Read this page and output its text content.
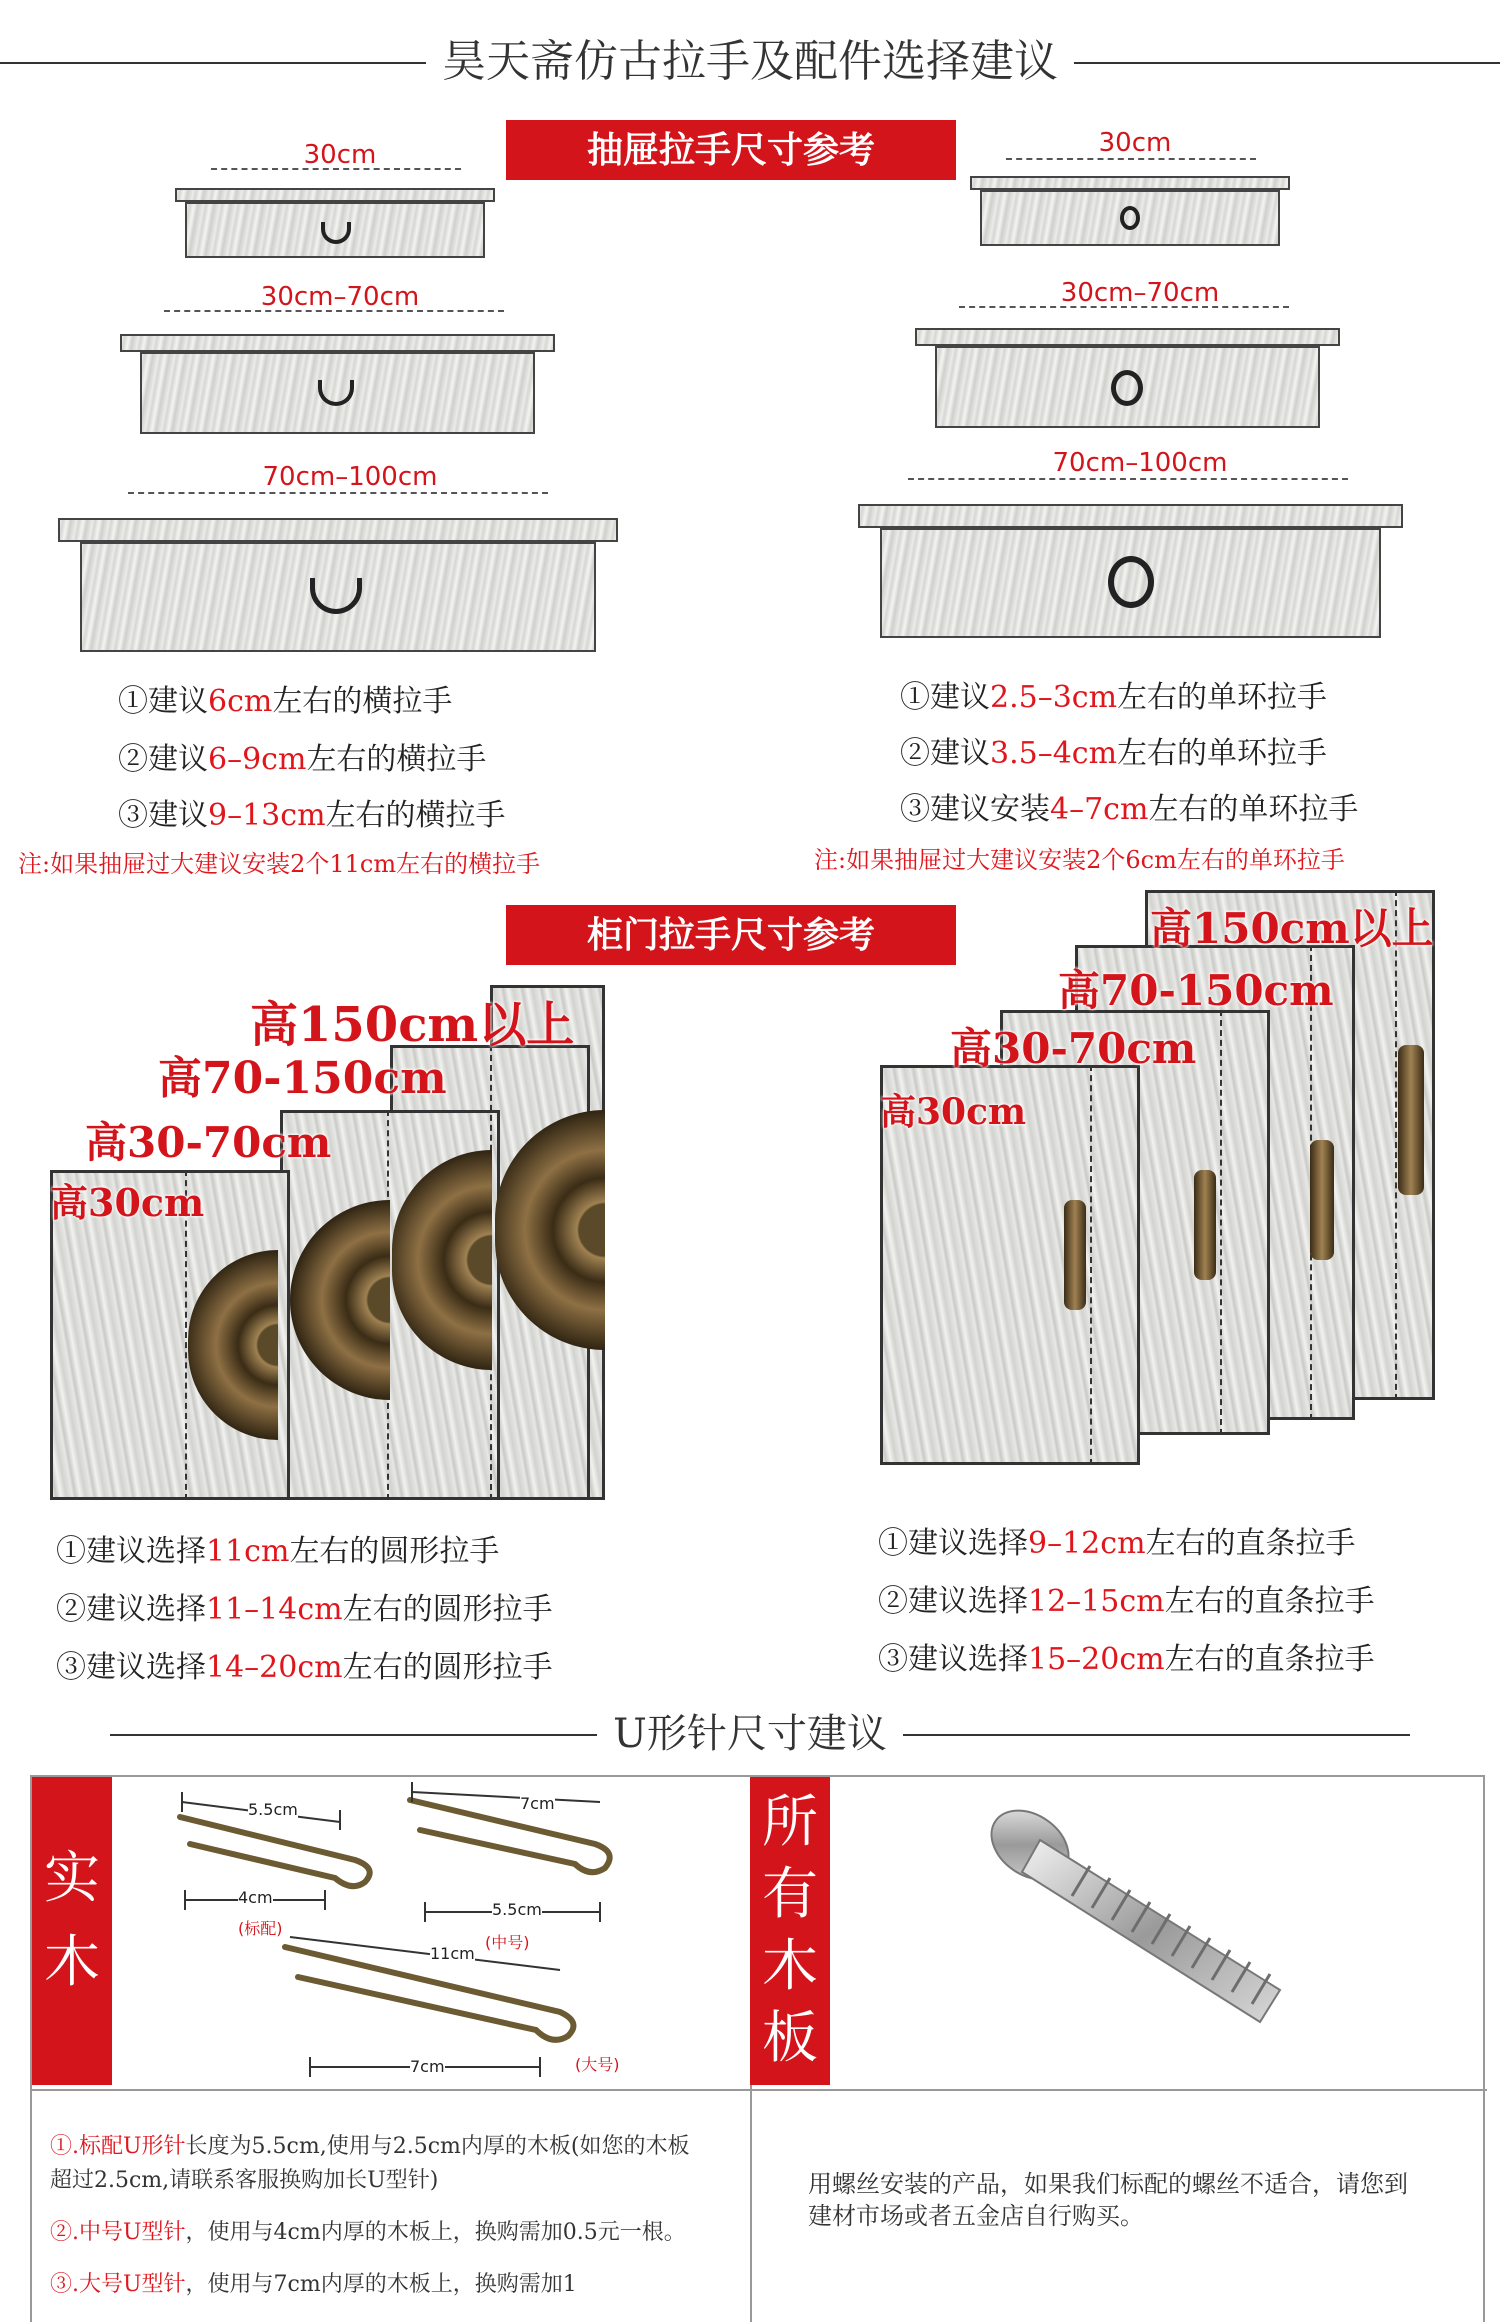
昊天斋仿古拉手及配件选择建议
抽屉拉手尺寸参考
30cm
30cm–70cm
70cm–100cm
①建议6cm左右的横拉手
②建议6–9cm左右的横拉手
③建议9–13cm左右的横拉手
注:如果抽屉过大建议安装2个11cm左右的横拉手
30cm
30cm–70cm
70cm–100cm
①建议2.5–3cm左右的单环拉手
②建议3.5–4cm左右的单环拉手
③建议安装4–7cm左右的单环拉手
注:如果抽屉过大建议安装2个6cm左右的单环拉手
柜门拉手尺寸参考
高150cm以上
高70-150cm
高30-70cm
高30cm
①建议选择11cm左右的圆形拉手
②建议选择11–14cm左右的圆形拉手
③建议选择14–20cm左右的圆形拉手
高150cm以上
高70-150cm
高30-70cm
高30cm
①建议选择9–12cm左右的直条拉手
②建议选择12–15cm左右的直条拉手
③建议选择15–20cm左右的直条拉手
U形针尺寸建议
实
木
5.5cm
4cm
(标配)
7cm
5.5cm
(中号)
11cm
7cm	(大号)
所
有
木
板
①.标配U形针长度为5.5cm,使用与2.5cm内厚的木板(如您的木板超过2.5cm,请联系客服换购加长U型针)
②.中号U型针，使用与4cm内厚的木板上，换购需加0.5元一根。
③.大号U型针，使用与7cm内厚的木板上，换购需加1
用螺丝安装的产品，如果我们标配的螺丝不适合，请您到建材市场或者五金店自行购买。
